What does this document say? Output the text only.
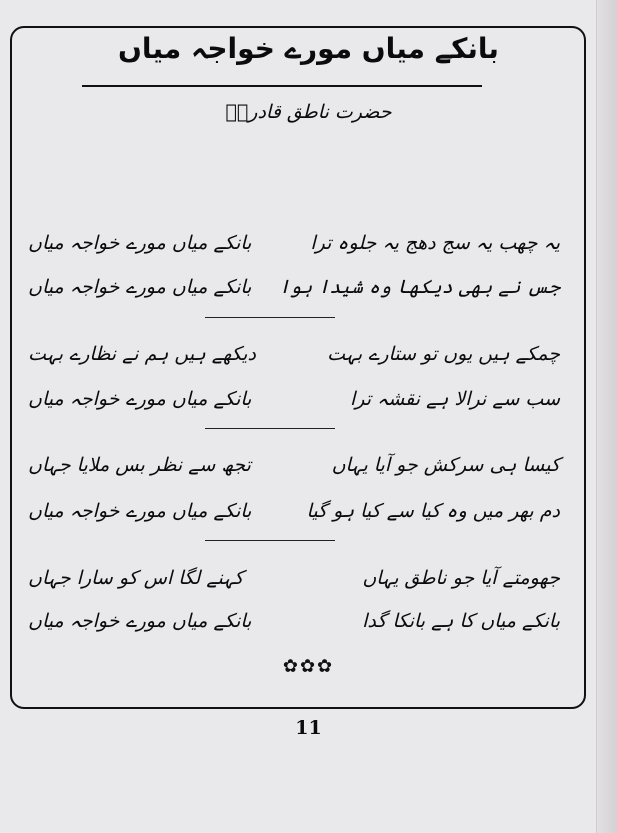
بانکے میاں مورے خواجہ میاں
حضرت ناطق قادریؒ
یہ چھب یہ سج دھج یہ جلوہ ترا
بانکے میاں مورے خواجہ میاں
جس نے بھی دیکھا وہ شیدا ہوا
بانکے میاں مورے خواجہ میاں
چمکے ہیں یوں تو ستارے بہت
دیکھے ہیں ہم نے نظارے بہت
سب سے نرالا ہے نقشہ ترا
بانکے میاں مورے خواجہ میاں
کیسا ہی سرکش جو آیا یہاں
تجھ سے نظر بس ملایا جہاں
دم بھر میں وہ کیا سے کیا ہو گیا
بانکے میاں مورے خواجہ میاں
جھومتے آیا جو ناطق یہاں
کہنے لگا اس کو سارا جہاں
بانکے میاں کا ہے بانکا گدا
بانکے میاں مورے خواجہ میاں
✿✿✿
11
